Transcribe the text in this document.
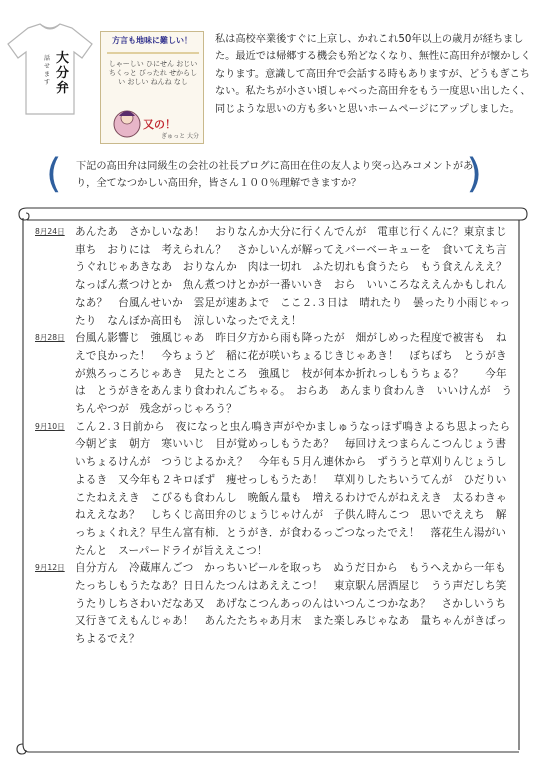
大
分
弁
話
せ
ま
す
方言も地味に難しい！
しゃーしい ひにせん おじい ちくっと びったれ せからしい おしい ねんね なし
又の！
ぎゅっと 大分

私は高校卒業後すぐに上京し、かれこれ50年以上の歳月が経ちました。最近では帰郷する機会も殆どなくなり、無性に高田弁が懐かしくなります。意識して高田弁で会話する時もありますが、どうもぎこちない。私たちが小さい頃しゃべった高田弁をもう一度思い出したく、同じような思いの方も多いと思いホームページにアップしました。

( 下記の高田弁は同級生の会社の社長ブログに高田在住の友人より突っ込みコメントがあり，全てなつかしい高田弁，皆さん１００％理解できますか？	)
8月24日 あんたあ　さかしいなあ！　おりなんか大分に行くんでんが　電車じ行くんに？東京まじ車ち　おりには　考えられん？　さかしいんが解ってえバーベーキューを　食いてえち言うぐれじゃあきなあ　おりなんか　肉は一切れ　ふた切れも食うたら　もう食えんええ？　なっぱん煮つけとか　魚ん煮つけとかが一番いいき　おら　いいころなええんかもしれんなあ？　台風んせいか　雲足が速あよで　ここ２.３日は　晴れたり　曇ったり小雨じゃったり　なんぼか高田も　涼しいなったでええ！

8月28日 台風ん影響じ　強風じゃあ　昨日夕方から雨も降ったが　畑がしめった程度で被害も　ねえで良かった！　今ちょうど　稲に花が咲いちょるじきじゃあき！　ぼちぼち　とうがきが熟ろっころじゃあき　見たところ　強風じ　枝が何本か折れっしもうちょる？　　今年は　とうがきをあんまり食われんごちゃる。　おらあ　あんまり食わんき　いいけんが　うちんやつが　残念がっじゃろう？

9月10日 こん２.３日前から　夜になっと虫ん鳴き声がやかましゅうなっほず鳴きよるち思よったら　今朝どま　朝方　寒いいじ　目が覚めっしもうたあ？　毎回けえつまらんこつんじょう書いちょるけんが　つうじよるかえ？　今年も５月ん連休から　ずううと草刈りんじょうしよるき　又今年も２キロぼず　痩せっしもうたあ！　草刈りしたちいうてんが　ひだりいこたねええき　こびるも食わんし　晩飯ん量も　増えるわけでんがねええき　太るわきゃねええなあ？　しちくじ高田弁のじょうじゃけんが　子供ん時んこつ　思いでええち　解っちょくれえ？早生ん富有柿．とうがき．が食わるっごつなったでえ！　落花生ん湯がいたんと　スーパードライが旨ええこつ！

9月12日 自分方ん　冷蔵庫んごつ　かっちいビールを取っち　ぬうだ日から　もうへえから一年もたっちしもうたなあ？日日んたつんはあええこつ！　東京駅ん居酒屋じ　うう声だしち笑うたりしちさわいだなあ又　あげなこつんあっのんはいつんこつかなあ？　さかしいうち又行きてえもんじゃあ！　あんたたちゃあ月末　また楽しみじゃなあ　量ちゃんがきぱっちよるでえ？
